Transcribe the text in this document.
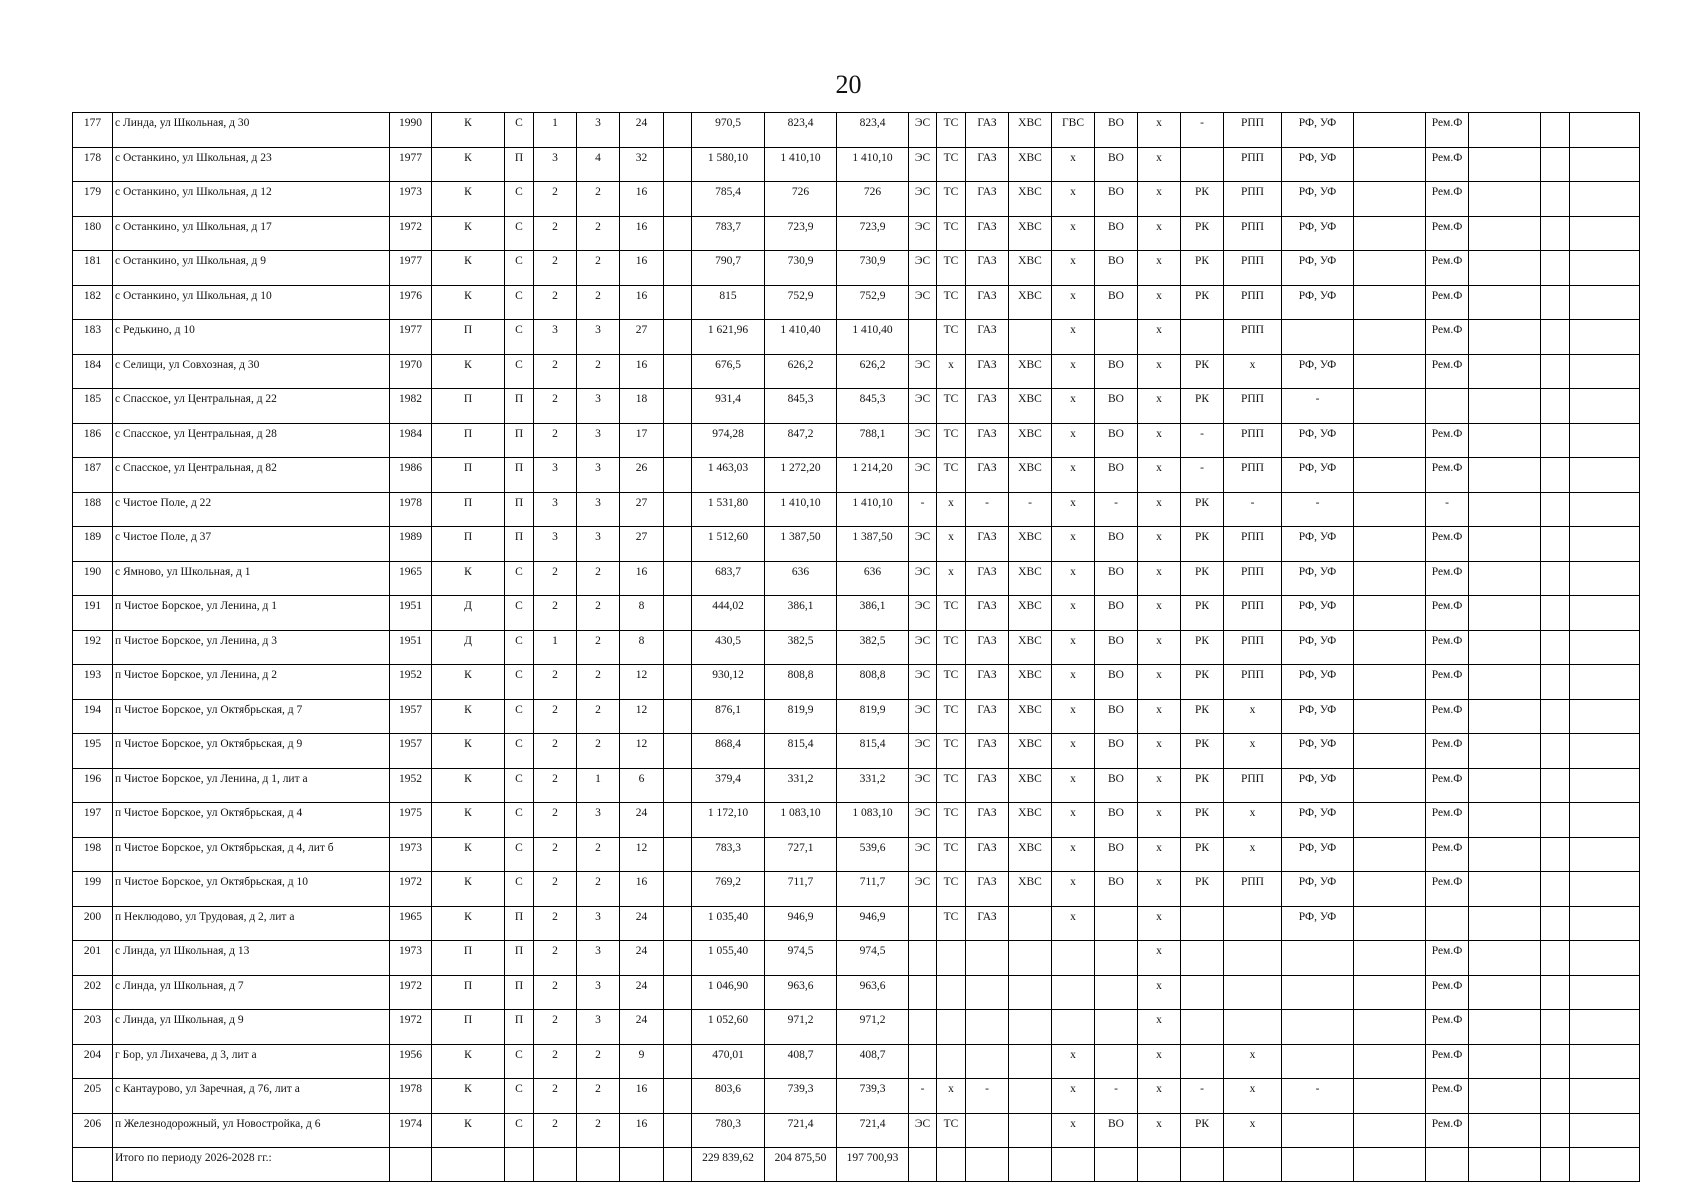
20
177	с Линда, ул Школьная, д 30	1990	К	С	1	3	24		970,5	823,4	823,4	ЭС	ТС	ГАЗ	ХВС	ГВС	ВО	х	-	РПП	РФ, УФ		Рем.Ф			
178	с Останкино, ул Школьная, д 23	1977	К	П	3	4	32		1 580,10	1 410,10	1 410,10	ЭС	ТС	ГАЗ	ХВС	х	ВО	х		РПП	РФ, УФ		Рем.Ф			
179	с Останкино, ул Школьная, д 12	1973	К	С	2	2	16		785,4	726	726	ЭС	ТС	ГАЗ	ХВС	х	ВО	х	РК	РПП	РФ, УФ		Рем.Ф			
180	с Останкино, ул Школьная, д 17	1972	К	С	2	2	16		783,7	723,9	723,9	ЭС	ТС	ГАЗ	ХВС	х	ВО	х	РК	РПП	РФ, УФ		Рем.Ф			
181	с Останкино, ул Школьная, д 9	1977	К	С	2	2	16		790,7	730,9	730,9	ЭС	ТС	ГАЗ	ХВС	х	ВО	х	РК	РПП	РФ, УФ		Рем.Ф			
182	с Останкино, ул Школьная, д 10	1976	К	С	2	2	16		815	752,9	752,9	ЭС	ТС	ГАЗ	ХВС	х	ВО	х	РК	РПП	РФ, УФ		Рем.Ф			
183	с Редькино, д 10	1977	П	С	3	3	27		1 621,96	1 410,40	1 410,40		ТС	ГАЗ		х		х		РПП			Рем.Ф			
184	с Селищи, ул Совхозная, д 30	1970	К	С	2	2	16		676,5	626,2	626,2	ЭС	х	ГАЗ	ХВС	х	ВО	х	РК	х	РФ, УФ		Рем.Ф			
185	с Спасское, ул Центральная, д 22	1982	П	П	2	3	18		931,4	845,3	845,3	ЭС	ТС	ГАЗ	ХВС	х	ВО	х	РК	РПП	-					
186	с Спасское, ул Центральная, д 28	1984	П	П	2	3	17		974,28	847,2	788,1	ЭС	ТС	ГАЗ	ХВС	х	ВО	х	-	РПП	РФ, УФ		Рем.Ф			
187	с Спасское, ул Центральная, д 82	1986	П	П	3	3	26		1 463,03	1 272,20	1 214,20	ЭС	ТС	ГАЗ	ХВС	х	ВО	х	-	РПП	РФ, УФ		Рем.Ф			
188	с Чистое Поле, д 22	1978	П	П	3	3	27		1 531,80	1 410,10	1 410,10	-	х	-	-	х	-	х	РК	-	-		-			
189	с Чистое Поле, д 37	1989	П	П	3	3	27		1 512,60	1 387,50	1 387,50	ЭС	х	ГАЗ	ХВС	х	ВО	х	РК	РПП	РФ, УФ		Рем.Ф			
190	с Ямново, ул Школьная, д 1	1965	К	С	2	2	16		683,7	636	636	ЭС	х	ГАЗ	ХВС	х	ВО	х	РК	РПП	РФ, УФ		Рем.Ф			
191	п Чистое Борское, ул Ленина, д 1	1951	Д	С	2	2	8		444,02	386,1	386,1	ЭС	ТС	ГАЗ	ХВС	х	ВО	х	РК	РПП	РФ, УФ		Рем.Ф			
192	п Чистое Борское, ул Ленина, д 3	1951	Д	С	1	2	8		430,5	382,5	382,5	ЭС	ТС	ГАЗ	ХВС	х	ВО	х	РК	РПП	РФ, УФ		Рем.Ф			
193	п Чистое Борское, ул Ленина, д 2	1952	К	С	2	2	12		930,12	808,8	808,8	ЭС	ТС	ГАЗ	ХВС	х	ВО	х	РК	РПП	РФ, УФ		Рем.Ф			
194	п Чистое Борское, ул Октябрьская, д 7	1957	К	С	2	2	12		876,1	819,9	819,9	ЭС	ТС	ГАЗ	ХВС	х	ВО	х	РК	х	РФ, УФ		Рем.Ф			
195	п Чистое Борское, ул Октябрьская, д 9	1957	К	С	2	2	12		868,4	815,4	815,4	ЭС	ТС	ГАЗ	ХВС	х	ВО	х	РК	х	РФ, УФ		Рем.Ф			
196	п Чистое Борское, ул Ленина, д 1, лит а	1952	К	С	2	1	6		379,4	331,2	331,2	ЭС	ТС	ГАЗ	ХВС	х	ВО	х	РК	РПП	РФ, УФ		Рем.Ф			
197	п Чистое Борское, ул Октябрьская, д 4	1975	К	С	2	3	24		1 172,10	1 083,10	1 083,10	ЭС	ТС	ГАЗ	ХВС	х	ВО	х	РК	х	РФ, УФ		Рем.Ф			
198	п Чистое Борское, ул Октябрьская, д 4, лит б	1973	К	С	2	2	12		783,3	727,1	539,6	ЭС	ТС	ГАЗ	ХВС	х	ВО	х	РК	х	РФ, УФ		Рем.Ф			
199	п Чистое Борское, ул Октябрьская, д 10	1972	К	С	2	2	16		769,2	711,7	711,7	ЭС	ТС	ГАЗ	ХВС	х	ВО	х	РК	РПП	РФ, УФ		Рем.Ф			
200	п Неклюдово, ул Трудовая, д 2, лит а	1965	К	П	2	3	24		1 035,40	946,9	946,9		ТС	ГАЗ		х		х			РФ, УФ					
201	с Линда, ул Школьная, д 13	1973	П	П	2	3	24		1 055,40	974,5	974,5							х					Рем.Ф			
202	с Линда, ул Школьная, д 7	1972	П	П	2	3	24		1 046,90	963,6	963,6							х					Рем.Ф			
203	с Линда, ул Школьная, д 9	1972	П	П	2	3	24		1 052,60	971,2	971,2							х					Рем.Ф			
204	г Бор, ул Лихачева, д 3, лит а	1956	К	С	2	2	9		470,01	408,7	408,7					х		х		х			Рем.Ф			
205	с Кантаурово, ул Заречная, д 76, лит а	1978	К	С	2	2	16		803,6	739,3	739,3	-	х	-		х	-	х	-	х	-		Рем.Ф			
206	п Железнодорожный, ул Новостройка, д 6	1974	К	С	2	2	16		780,3	721,4	721,4	ЭС	ТС			х	ВО	х	РК	х			Рем.Ф			
	Итого по периоду 2026-2028 гг.:								229 839,62	204 875,50	197 700,93															
